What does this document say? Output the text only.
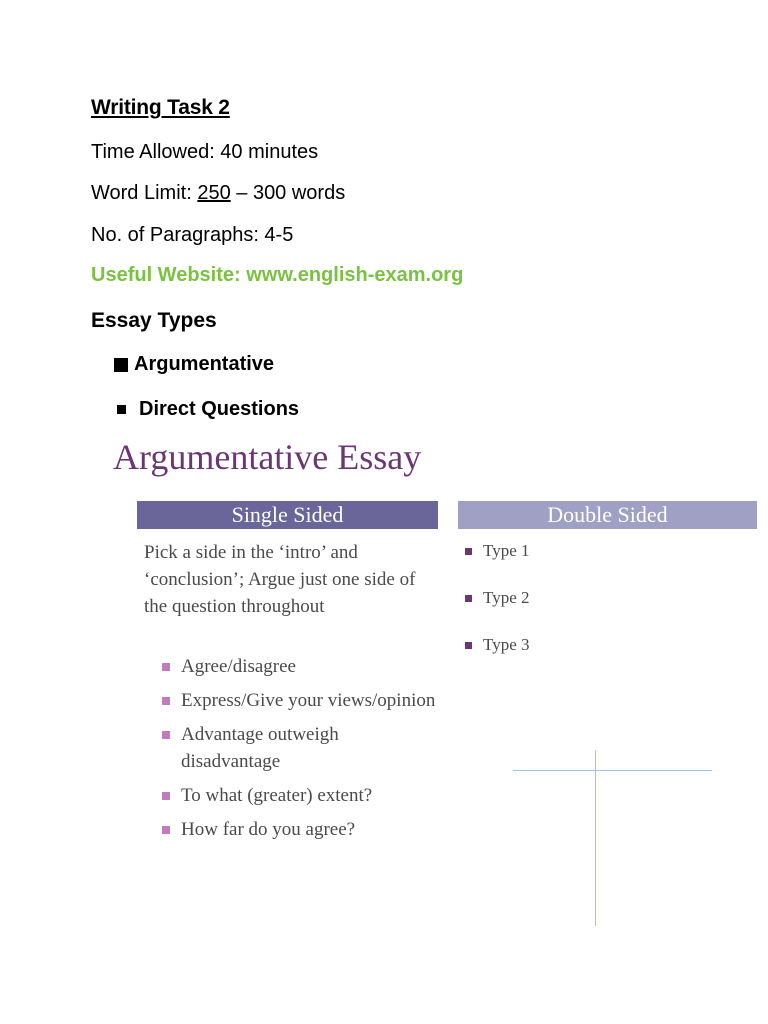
Writing Task 2
Time Allowed: 40 minutes
Word Limit: 250 – 300 words
No. of Paragraphs: 4-5
Useful Website: www.english-exam.org
Essay Types
Argumentative
Direct Questions
Argumentative Essay
Single Sided	Double Sided
Pick a side in the ‘intro’ and ‘conclusion’; Argue just one side of the question throughout
Agree/disagree
Express/Give your views/opinion
Advantage outweigh disadvantage
To what (greater) extent?
How far do you agree?
Type 1
Type 2
Type 3
